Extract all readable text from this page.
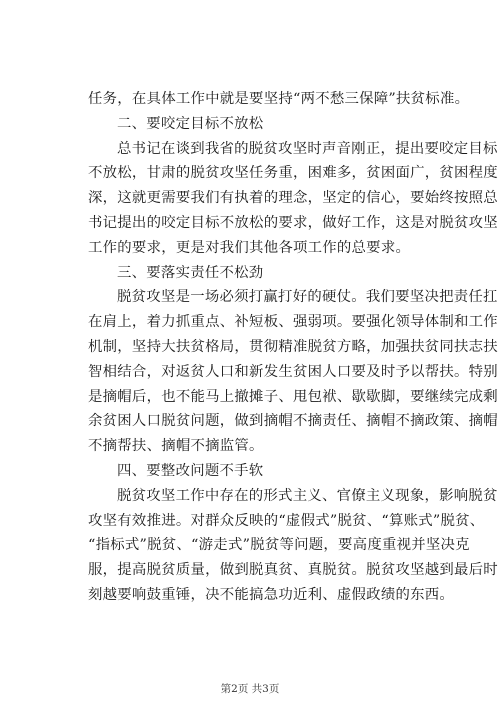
任务，在具体工作中就是要坚持“两不愁三保障”扶贫标准。
二、要咬定目标不放松
总书记在谈到我省的脱贫攻坚时声音刚正，提出要咬定目标
不放松，甘肃的脱贫攻坚任务重，困难多，贫困面广，贫困程度
深，这就更需要我们有执着的理念，坚定的信心，要始终按照总
书记提出的咬定目标不放松的要求，做好工作，这是对脱贫攻坚
工作的要求，更是对我们其他各项工作的总要求。
三、要落实责任不松劲
脱贫攻坚是一场必须打赢打好的硬仗。我们要坚决把责任扛
在肩上，着力抓重点、补短板、强弱项。要强化领导体制和工作
机制，坚持大扶贫格局，贯彻精准脱贫方略，加强扶贫同扶志扶
智相结合，对返贫人口和新发生贫困人口要及时予以帮扶。特别
是摘帽后，也不能马上撤摊子、甩包袱、歇歇脚，要继续完成剩
余贫困人口脱贫问题，做到摘帽不摘责任、摘帽不摘政策、摘帽
不摘帮扶、摘帽不摘监管。
四、要整改问题不手软
脱贫攻坚工作中存在的形式主义、官僚主义现象，影响脱贫
攻坚有效推进。对群众反映的“虚假式”脱贫、“算账式”脱贫、
“指标式”脱贫、“游走式”脱贫等问题，要高度重视并坚决克
服，提高脱贫质量，做到脱真贫、真脱贫。脱贫攻坚越到最后时
刻越要响鼓重锤，决不能搞急功近利、虚假政绩的东西。
第2页 共3页
